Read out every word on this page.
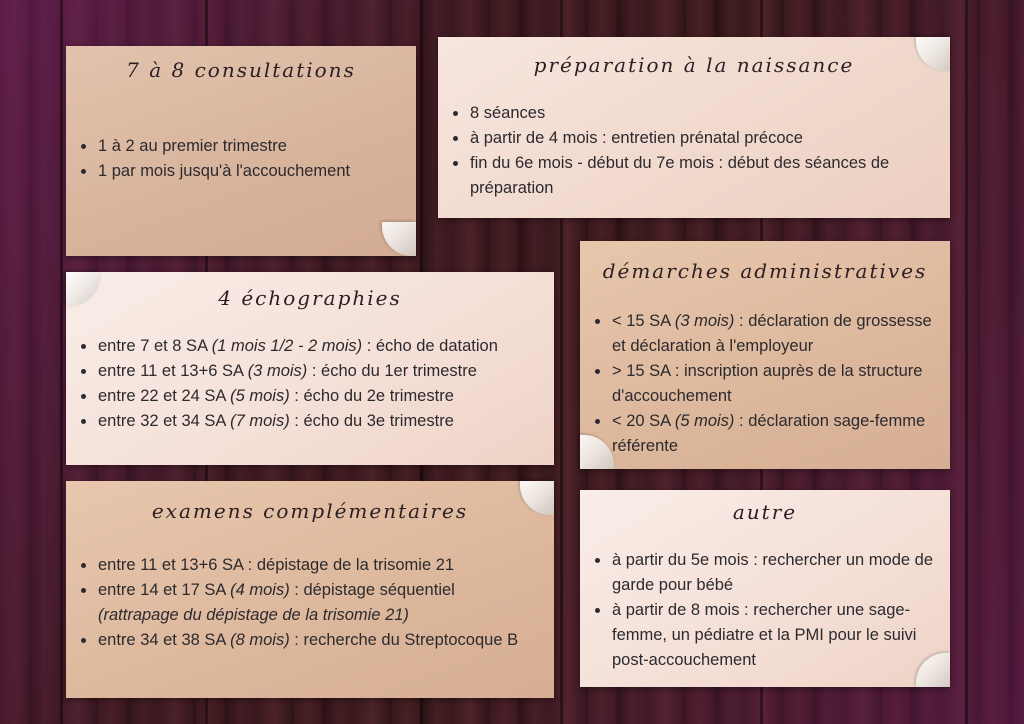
7 à 8 consultations
1 à 2 au premier trimestre
1 par mois jusqu'à l'accouchement
préparation à la naissance
8 séances
à partir de 4 mois : entretien prénatal précoce
fin du 6e mois - début du 7e mois : début des séances de préparation
4 échographies
entre 7 et 8 SA (1 mois 1/2 - 2 mois) : écho de datation
entre 11 et 13+6 SA (3 mois) : écho du 1er trimestre
entre 22 et 24 SA (5 mois) : écho du 2e trimestre
entre 32 et 34 SA (7 mois) : écho du 3e trimestre
démarches administratives
< 15 SA (3 mois) : déclaration de grossesse et déclaration à l'employeur
> 15 SA : inscription auprès de la structure d'accouchement
< 20 SA (5 mois) : déclaration sage-femme référente
examens complémentaires
entre 11 et 13+6 SA : dépistage de la trisomie 21
entre 14 et 17 SA (4 mois) : dépistage séquentiel (rattrapage du dépistage de la trisomie 21)
entre 34 et 38 SA (8 mois) : recherche du Streptocoque B
autre
à partir du 5e mois : rechercher un mode de garde pour bébé
à partir de 8 mois : rechercher une sage-femme, un pédiatre et la PMI pour le suivi post-accouchement
